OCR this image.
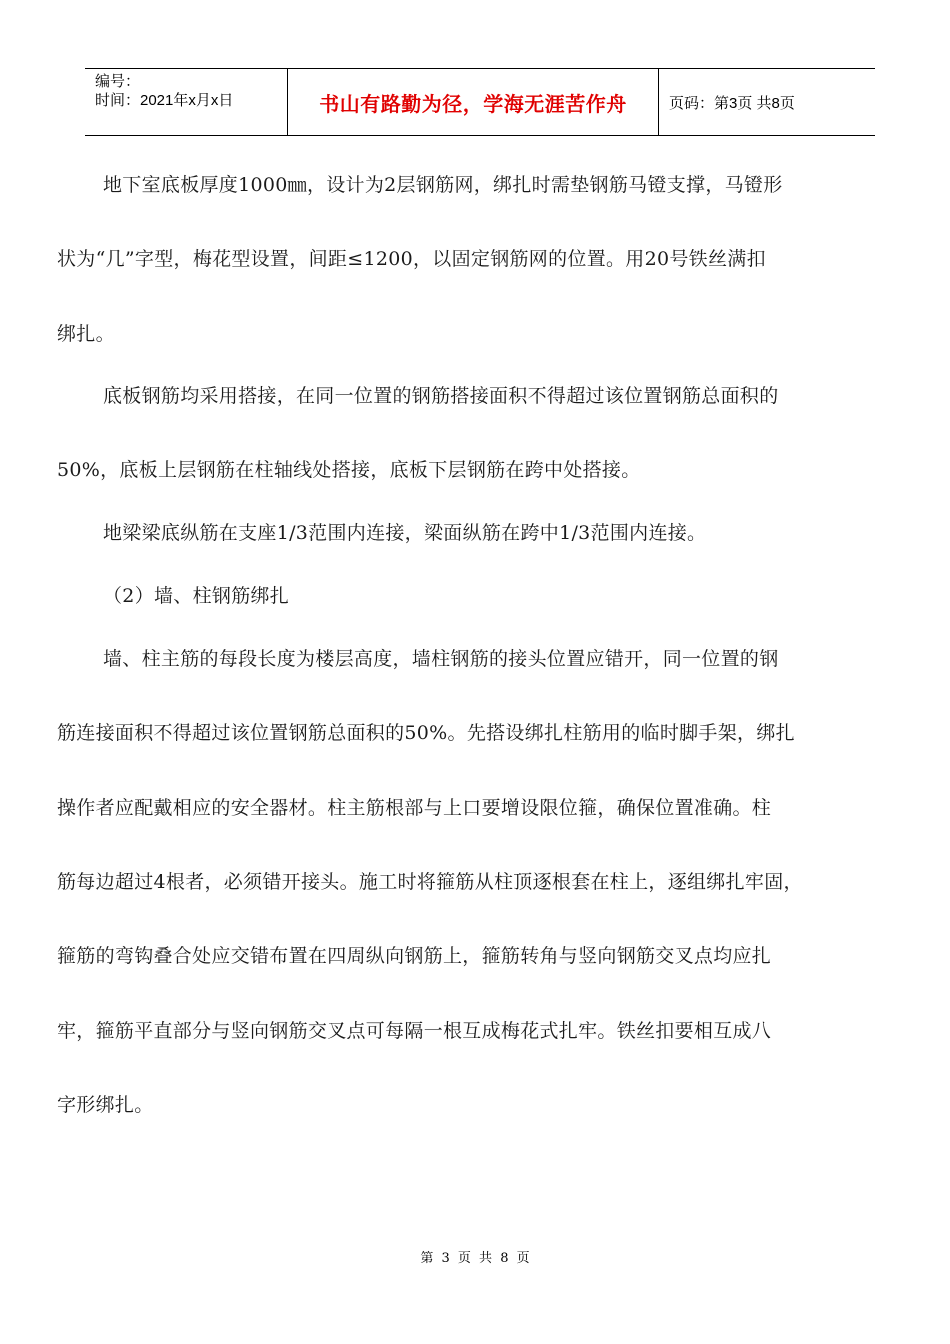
编号：
时间：2021年x月x日	书山有路勤为径，学海无涯苦作舟	页码：第3页 共8页
地下室底板厚度1000㎜，设计为2层钢筋网，绑扎时需垫钢筋马镫支撑，马镫形
状为“几”字型，梅花型设置，间距≤1200，以固定钢筋网的位置。用20号铁丝满扣
绑扎。
底板钢筋均采用搭接，在同一位置的钢筋搭接面积不得超过该位置钢筋总面积的
50%，底板上层钢筋在柱轴线处搭接，底板下层钢筋在跨中处搭接。
地梁梁底纵筋在支座1/3范围内连接，梁面纵筋在跨中1/3范围内连接。
（2）墙、柱钢筋绑扎
墙、柱主筋的每段长度为楼层高度，墙柱钢筋的接头位置应错开，同一位置的钢
筋连接面积不得超过该位置钢筋总面积的50%。先搭设绑扎柱筋用的临时脚手架，绑扎
操作者应配戴相应的安全器材。柱主筋根部与上口要增设限位箍，确保位置准确。柱
筋每边超过4根者，必须错开接头。施工时将箍筋从柱顶逐根套在柱上，逐组绑扎牢固，
箍筋的弯钩叠合处应交错布置在四周纵向钢筋上，箍筋转角与竖向钢筋交叉点均应扎
牢，箍筋平直部分与竖向钢筋交叉点可每隔一根互成梅花式扎牢。铁丝扣要相互成八
字形绑扎。
第 3 页 共 8 页
